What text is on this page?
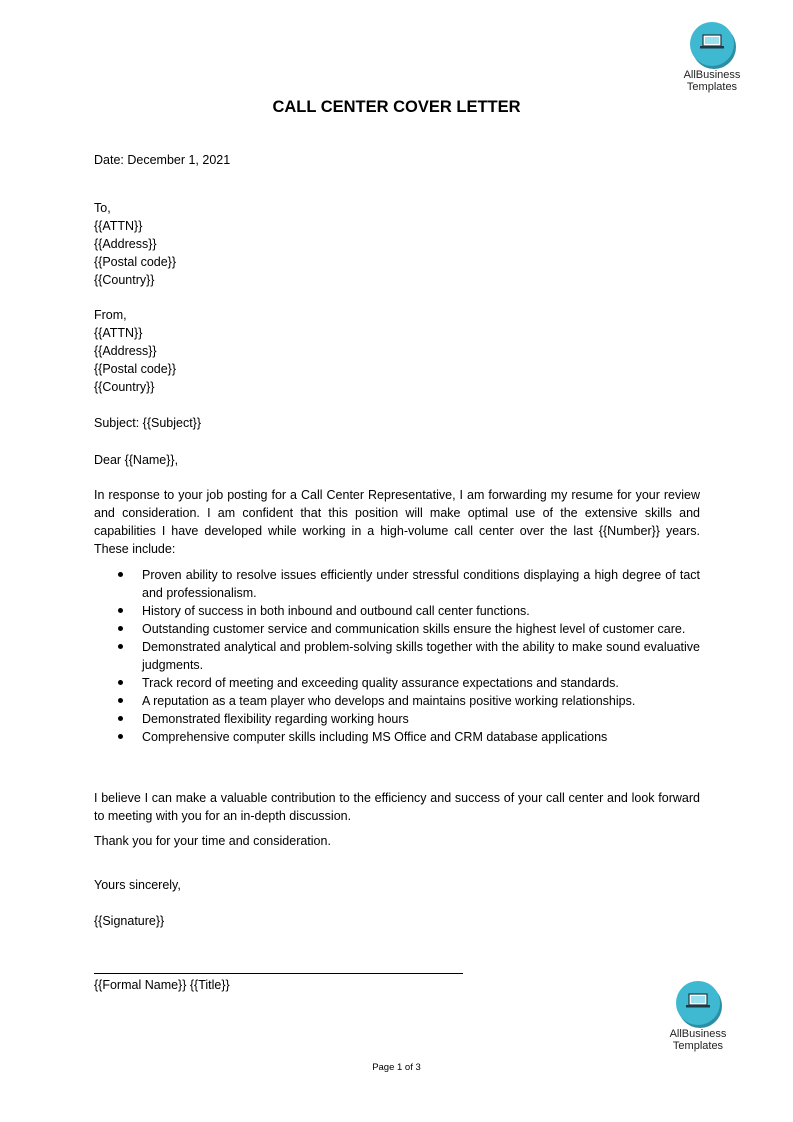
AllBusiness
Templates
CALL CENTER COVER LETTER
Date: December 1, 2021
To,
{{ATTN}}
{{Address}}
{{Postal code}}
{{Country}}
From,
{{ATTN}}
{{Address}}
{{Postal code}}
{{Country}}
Subject: {{Subject}}
Dear {{Name}},
In response to your job posting for a Call Center Representative, I am forwarding my resume for your review and consideration. I am confident that this position will make optimal use of the extensive skills and capabilities I have developed while working in a high-volume call center over the last {{Number}} years. These include:
Proven ability to resolve issues efficiently under stressful conditions displaying a high degree of tact and professionalism.
History of success in both inbound and outbound call center functions.
Outstanding customer service and communication skills ensure the highest level of customer care.
Demonstrated analytical and problem-solving skills together with the ability to make sound evaluative judgments.
Track record of meeting and exceeding quality assurance expectations and standards.
A reputation as a team player who develops and maintains positive working relationships.
Demonstrated flexibility regarding working hours
Comprehensive computer skills including MS Office and CRM database applications
I believe I can make a valuable contribution to the efficiency and success of your call center and look forward to meeting with you for an in-depth discussion.
Thank you for your time and consideration.
Yours sincerely,
{{Signature}}
{{Formal Name}} {{Title}}
AllBusiness
Templates
Page 1 of 3
